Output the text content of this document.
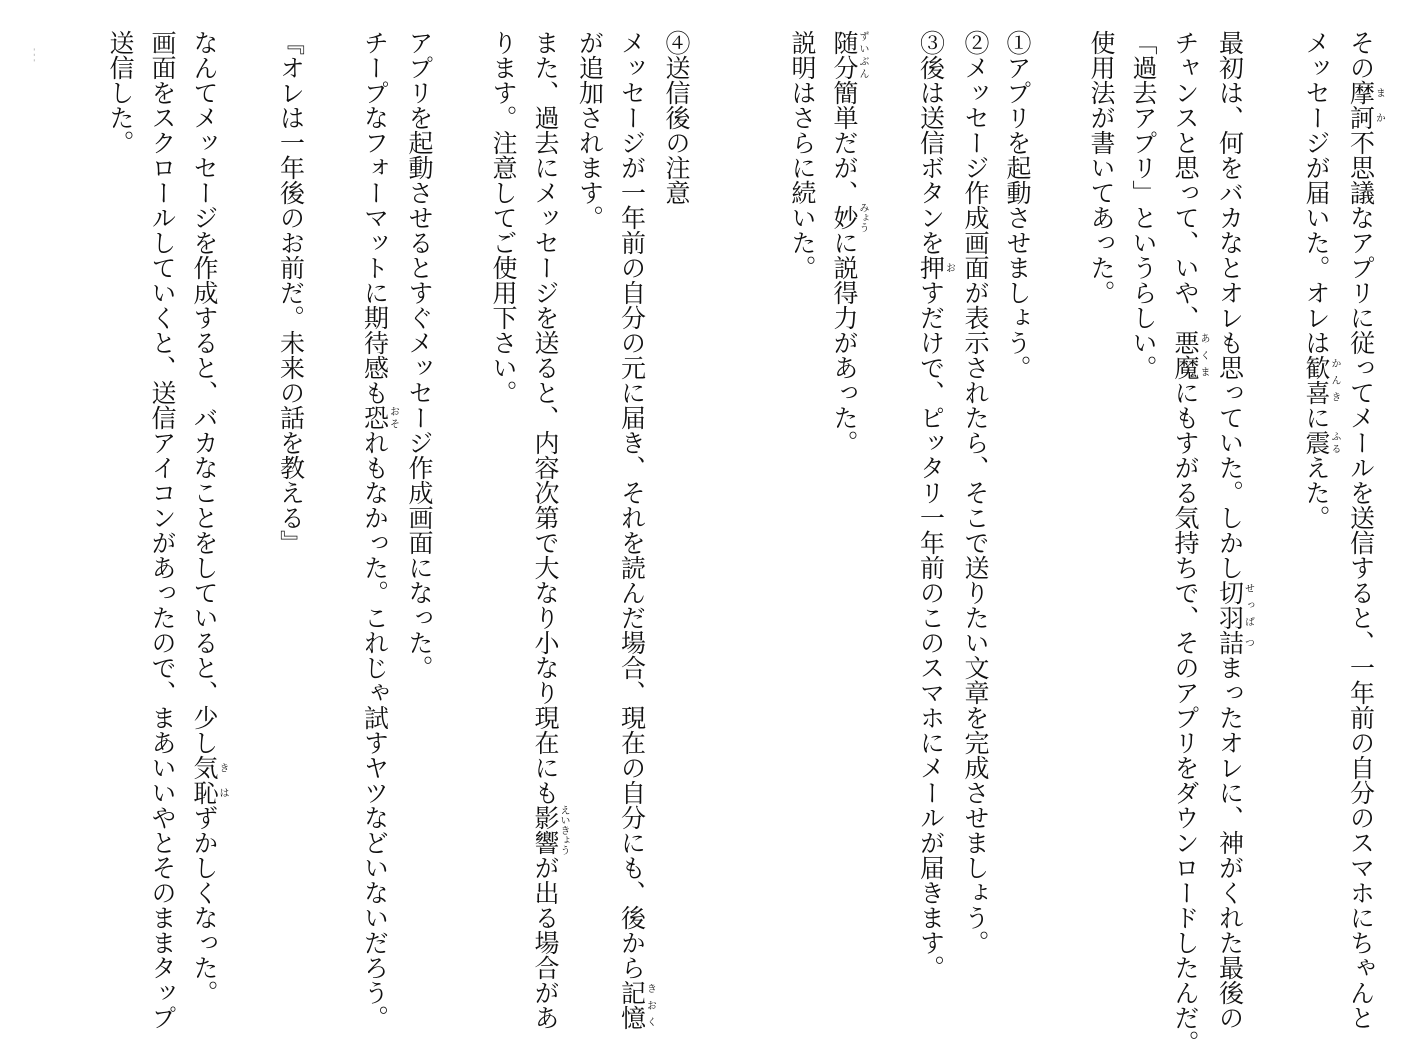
その摩訶まか不思議なアプリに従ってメールを送信すると、一年前の自分のスマホにちゃんと
メッセージが届いた。オレは歓喜かんきに震ふるえた。
最初は、何をバカなとオレも思っていた。しかし切羽せっぱ詰つまったオレに、神がくれた最後の
チャンスと思って、いや、悪魔あくまにもすがる気持ちで、そのアプリをダウンロードしたんだ。
「過去アプリ」というらしい。
使用法が書いてあった。
①アプリを起動させましょう。
②メッセージ作成画面が表示されたら、そこで送りたい文章を完成させましょう。
③後は送信ボタンを押おすだけで、ピッタリ一年前のこのスマホにメールが届きます。
随分ずいぶん簡単だが、妙みょうに説得力があった。
説明はさらに続いた。
④送信後の注意
メッセージが一年前の自分の元に届き、それを読んだ場合、現在の自分にも、後から記憶きおく
が追加されます。
また、過去にメッセージを送ると、内容次第で大なり小なり現在にも影響えいきょうが出る場合があ
ります。注意してご使用下さい。
アプリを起動させるとすぐメッセージ作成画面になった。
チープなフォーマットに期待感も恐おそれもなかった。これじゃ試すヤツなどいないだろう。
『オレは一年後のお前だ。未来の話を教える』
なんてメッセージを作成すると、バカなことをしていると、少し気恥きはずかしくなった。
画面をスクロールしていくと、送信アイコンがあったので、まあいいやとそのままタップ
送信した。
- - -
